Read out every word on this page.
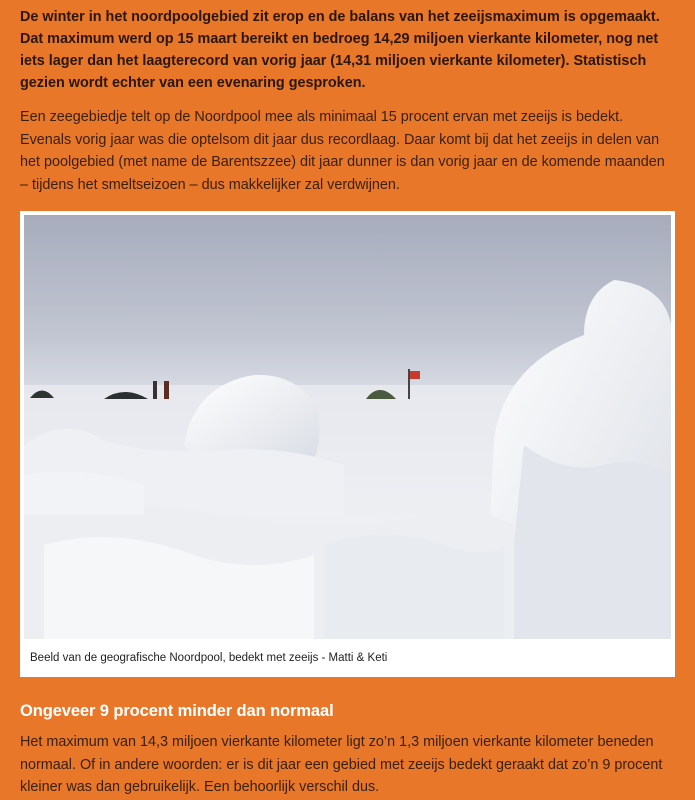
De winter in het noordpoolgebied zit erop en de balans van het zeeijsmaximum is opgemaakt. Dat maximum werd op 15 maart bereikt en bedroeg 14,29 miljoen vierkante kilometer, nog net iets lager dan het laagterecord van vorig jaar (14,31 miljoen vierkante kilometer). Statistisch gezien wordt echter van een evenaring gesproken.

Een zeegebiedje telt op de Noordpool mee als minimaal 15 procent ervan met zeeijs is bedekt. Evenals vorig jaar was die optelsom dit jaar dus recordlaag. Daar komt bij dat het zeeijs in delen van het poolgebied (met name de Barentszzee) dit jaar dunner is dan vorig jaar en de komende maanden – tijdens het smeltseizoen – dus makkelijker zal verdwijnen.

Beeld van de geografische Noordpool, bedekt met zeeijs - Matti & Keti
Ongeveer 9 procent minder dan normaal

Het maximum van 14,3 miljoen vierkante kilometer ligt zo’n 1,3 miljoen vierkante kilometer beneden normaal. Of in andere woorden: er is dit jaar een gebied met zeeijs bedekt geraakt dat zo’n 9 procent kleiner was dan gebruikelijk. Een behoorlijk verschil dus.
